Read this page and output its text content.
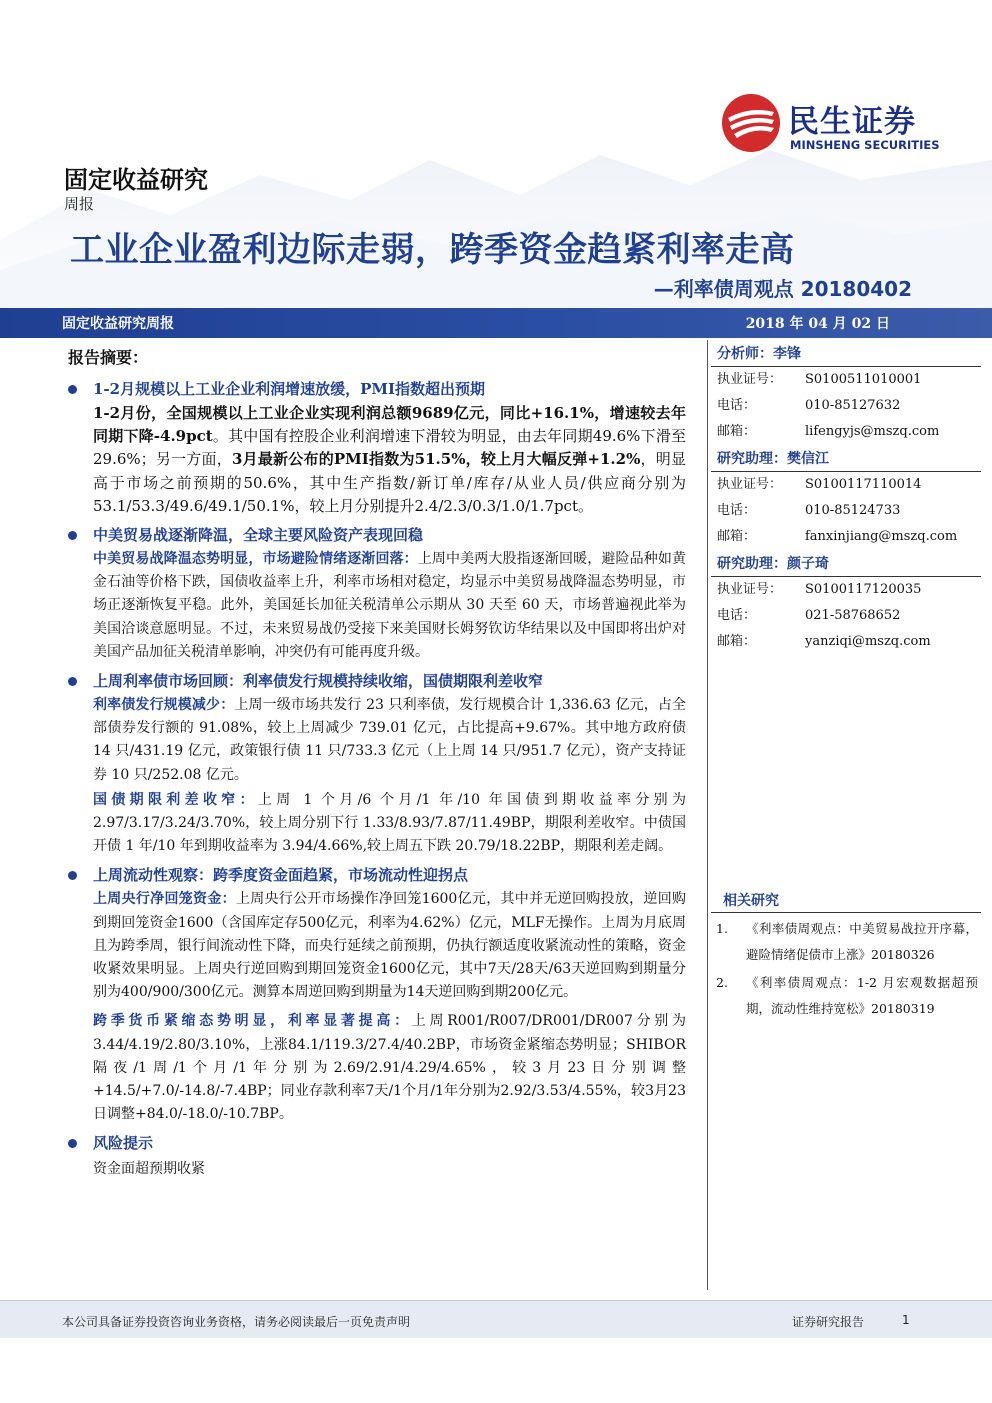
民生证券
MINSHENG SECURITIES
固定收益研究
周报
工业企业盈利边际走弱，跨季资金趋紧利率走高
—利率债周观点 20180402
固定收益研究周报	2018 年 04 月 02 日
报告摘要：
1-2月规模以上工业企业利润增速放缓，PMI指数超出预期
1-2月份，全国规模以上工业企业实现利润总额9689亿元，同比+16.1%，增速较去年同期下降-4.9pct。其中国有控股企业利润增速下滑较为明显，由去年同期49.6%下滑至29.6%；另一方面，3月最新公布的PMI指数为51.5%，较上月大幅反弹+1.2%，明显高于市场之前预期的50.6%，其中生产指数/新订单/库存/从业人员/供应商分别为53.1/53.3/49.6/49.1/50.1%，较上月分别提升2.4/2.3/0.3/1.0/1.7pct。
中美贸易战逐渐降温，全球主要风险资产表现回稳
中美贸易战降温态势明显，市场避险情绪逐渐回落：上周中美两大股指逐渐回暖，避险品种如黄金石油等价格下跌，国债收益率上升，利率市场相对稳定，均显示中美贸易战降温态势明显，市场正逐渐恢复平稳。此外，美国延长加征关税清单公示期从 30 天至 60 天，市场普遍视此举为美国洽谈意愿明显。不过，未来贸易战仍受接下来美国财长姆努钦访华结果以及中国即将出炉对美国产品加征关税清单影响，冲突仍有可能再度升级。
上周利率债市场回顾：利率债发行规模持续收缩，国债期限利差收窄
利率债发行规模减少：上周一级市场共发行 23 只利率债，发行规模合计 1,336.63 亿元，占全部债券发行额的 91.08%，较上上周减少 739.01 亿元，占比提高+9.67%。其中地方政府债 14 只/431.19 亿元，政策银行债 11 只/733.3 亿元（上上周 14 只/951.7 亿元），资产支持证券 10 只/252.08 亿元。
国债期限利差收窄：上周 1 个月/6 个月/1 年/10 年国债到期收益率分别为 2.97/3.17/3.24/3.70%，较上周分别下行 1.33/8.93/7.87/11.49BP，期限利差收窄。中债国开债 1 年/10 年到期收益率为 3.94/4.66%,较上周五下跌 20.79/18.22BP，期限利差走阔。
上周流动性观察：跨季度资金面趋紧，市场流动性迎拐点
上周央行净回笼资金：上周央行公开市场操作净回笼1600亿元，其中并无逆回购投放，逆回购到期回笼资金1600（含国库定存500亿元，利率为4.62%）亿元，MLF无操作。上周为月底周且为跨季周，银行间流动性下降，而央行延续之前预期，仍执行额适度收紧流动性的策略，资金收紧效果明显。上周央行逆回购到期回笼资金1600亿元，其中7天/28天/63天逆回购到期量分别为400/900/300亿元。测算本周逆回购到期量为14天逆回购到期200亿元。
跨季货币紧缩态势明显，利率显著提高：上周R001/R007/DR001/DR007分别为3.44/4.19/2.80/3.10%，上涨84.1/119.3/27.4/40.2BP，市场资金紧缩态势明显；SHIBOR隔夜/1周/1个月/1年分别为2.69/2.91/4.29/4.65%，较3月23日分别调整+14.5/+7.0/-14.8/-7.4BP；同业存款利率7天/1个月/1年分别为2.92/3.53/4.55%，较3月23日调整+84.0/-18.0/-10.7BP。
风险提示
资金面超预期收紧
分析师：李锋
执业证号：	S0100511010001
电话：	010-85127632
邮箱：	lifengyjs@mszq.com
研究助理：樊信江
执业证号：	S0100117110014
电话：	010-85124733
邮箱：	fanxinjiang@mszq.com
研究助理：颜子琦
执业证号：	S0100117120035
电话：	021-58768652
邮箱：	yanziqi@mszq.com
相关研究
1. 《利率债周观点：中美贸易战拉开序幕，避险情绪促债市上涨》20180326
2. 《利率债周观点：1-2 月宏观数据超预期，流动性维持宽松》20180319
本公司具备证券投资咨询业务资格，请务必阅读最后一页免责声明	证券研究报告	1
